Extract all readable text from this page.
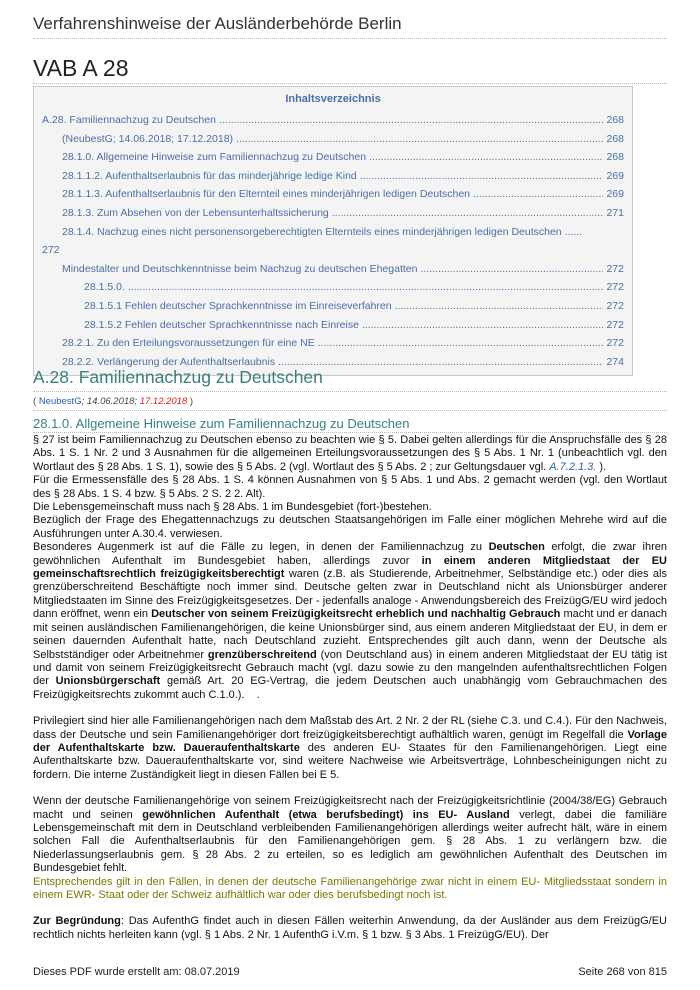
Verfahrenshinweise der Ausländerbehörde Berlin
VAB A 28
Inhaltsverzeichnis
A.28. Familiennachzug zu Deutschen .....	268
(NeubestG; 14.06.2018; 17.12.2018) .....	268
28.1.0. Allgemeine Hinweise zum Familiennachzug zu Deutschen .....	268
28.1.1.2. Aufenthaltserlaubnis für das minderjährige ledige Kind .....	269
28.1.1.3. Aufenthaltserlaubnis für den Elternteil eines minderjährigen ledigen Deutschen .....	269
28.1.3. Zum Absehen von der Lebensunterhaltssicherung .....	271
28.1.4. Nachzug eines nicht personensorgeberechtigten Elternteils eines minderjährigen ledigen Deutschen ......
272
Mindestalter und Deutschkenntnisse beim Nachzug zu deutschen Ehegatten .....	272
28.1.5.0. .....	272
28.1.5.1 Fehlen deutscher Sprachkenntnisse im Einreiseverfahren .....	272
28.1.5.2 Fehlen deutscher Sprachkenntnisse nach Einreise .....	272
28.2.1. Zu den Erteilungsvoraussetzungen für eine NE .....	272
28.2.2. Verlängerung der Aufenthaltserlaubnis .....	274
A.28. Familiennachzug zu Deutschen
( NeubestG; 14.06.2018; 17.12.2018 )
28.1.0. Allgemeine Hinweise zum Familiennachzug zu Deutschen

§ 27 ist beim Familiennachzug zu Deutschen ebenso zu beachten wie § 5. Dabei gelten allerdings für die Anspruchsfälle des § 28 Abs. 1 S. 1 Nr. 2 und 3 Ausnahmen für die allgemeinen Erteilungsvoraussetzungen des § 5 Abs. 1 Nr. 1 (unbeachtlich vgl. den Wortlaut des § 28 Abs. 1 S. 1), sowie des § 5 Abs. 2 (vgl. Wortlaut des § 5 Abs. 2 ; zur Geltungsdauer vgl. A.7.2.1.3. ).

Für die Ermessensfälle des § 28 Abs. 1 S. 4 können Ausnahmen von § 5 Abs. 1 und Abs. 2 gemacht werden (vgl. den Wortlaut des § 28 Abs. 1 S. 4 bzw. § 5 Abs. 2 S. 2 2. Alt).

Die Lebensgemeinschaft muss nach § 28 Abs. 1 im Bundesgebiet (fort-)bestehen.

Bezüglich der Frage des Ehegattennachzugs zu deutschen Staatsangehörigen im Falle einer möglichen Mehrehe wird auf die Ausführungen unter A.30.4. verwiesen.

Besonderes Augenmerk ist auf die Fälle zu legen, in denen der Familiennachzug zu Deutschen erfolgt, die zwar ihren gewöhnlichen Aufenthalt im Bundesgebiet haben, allerdings zuvor in einem anderen Mitgliedstaat der EU gemeinschaftsrechtlich freizügigkeitsberechtigt waren (z.B. als Studierende, Arbeitnehmer, Selbständige etc.) oder dies als grenzüberschreitend Beschäftigte noch immer sind. Deutsche gelten zwar in Deutschland nicht als Unionsbürger anderer Mitgliedstaaten im Sinne des Freizügigkeitsgesetzes. Der - jedenfalls analoge - Anwendungsbereich des FreizügG/EU wird jedoch dann eröffnet, wenn ein Deutscher von seinem Freizügigkeitsrecht erheblich und nachhaltig Gebrauch macht und er danach mit seinen ausländischen Familienangehörigen, die keine Unionsbürger sind, aus einem anderen Mitgliedstaat der EU, in dem er seinen dauernden Aufenthalt hatte, nach Deutschland zuzieht. Entsprechendes gilt auch dann, wenn der Deutsche als Selbstständiger oder Arbeitnehmer grenzüberschreitend (von Deutschland aus) in einem anderen Mitgliedstaat der EU tätig ist und damit von seinem Freizügigkeitsrecht Gebrauch macht (vgl. dazu sowie zu den mangelnden aufenthaltsrechtlichen Folgen der Unionsbürgerschaft gemäß Art. 20 EG-Vertrag, die jedem Deutschen auch unabhängig vom Gebrauchmachen des Freizügigkeitsrechts zukommt auch C.1.0.).    .

Privilegiert sind hier alle Familienangehörigen nach dem Maßstab des Art. 2 Nr. 2 der RL (siehe C.3. und C.4.). Für den Nachweis, dass der Deutsche und sein Familienangehöriger dort freizügigkeitsberechtigt aufhältlich waren, genügt im Regelfall die Vorlage der Aufenthaltskarte bzw. Daueraufenthaltskarte des anderen EU- Staates für den Familienangehörigen. Liegt eine Aufenthaltskarte bzw. Daueraufenthaltskarte vor, sind weitere Nachweise wie Arbeitsverträge, Lohnbescheinigungen nicht zu fordern. Die interne Zuständigkeit liegt in diesen Fällen bei E 5.

Wenn der deutsche Familienangehörige von seinem Freizügigkeitsrecht nach der Freizügigkeitsrichtlinie (2004/38/EG) Gebrauch macht und seinen gewöhnlichen Aufenthalt (etwa berufsbedingt) ins EU- Ausland verlegt, dabei die familiäre Lebensgemeinschaft mit dem in Deutschland verbleibenden Familienangehörigen allerdings weiter aufrecht hält, wäre in einem solchen Fall die Aufenthaltserlaubnis für den Familienangehörigen gem. § 28 Abs. 1 zu verlängern bzw. die Niederlassungserlaubnis gem. § 28 Abs. 2 zu erteilen, so es lediglich am gewöhnlichen Aufenthalt des Deutschen im Bundesgebiet fehlt.

Entsprechendes gilt in den Fällen, in denen der deutsche Familienangehörige zwar nicht in einem EU- Mitgliedsstaat sondern in einem EWR- Staat oder der Schweiz aufhältlich war oder dies berufsbedingt noch ist.

Zur Begründung: Das AufenthG findet auch in diesen Fällen weiterhin Anwendung, da der Ausländer aus dem FreizügG/EU rechtlich nichts herleiten kann (vgl. § 1 Abs. 2 Nr. 1 AufenthG i.V.m. § 1 bzw. § 3 Abs. 1 FreizügG/EU). Der

Dieses PDF wurde erstellt am: 08.07.2019	Seite 268 von 815
